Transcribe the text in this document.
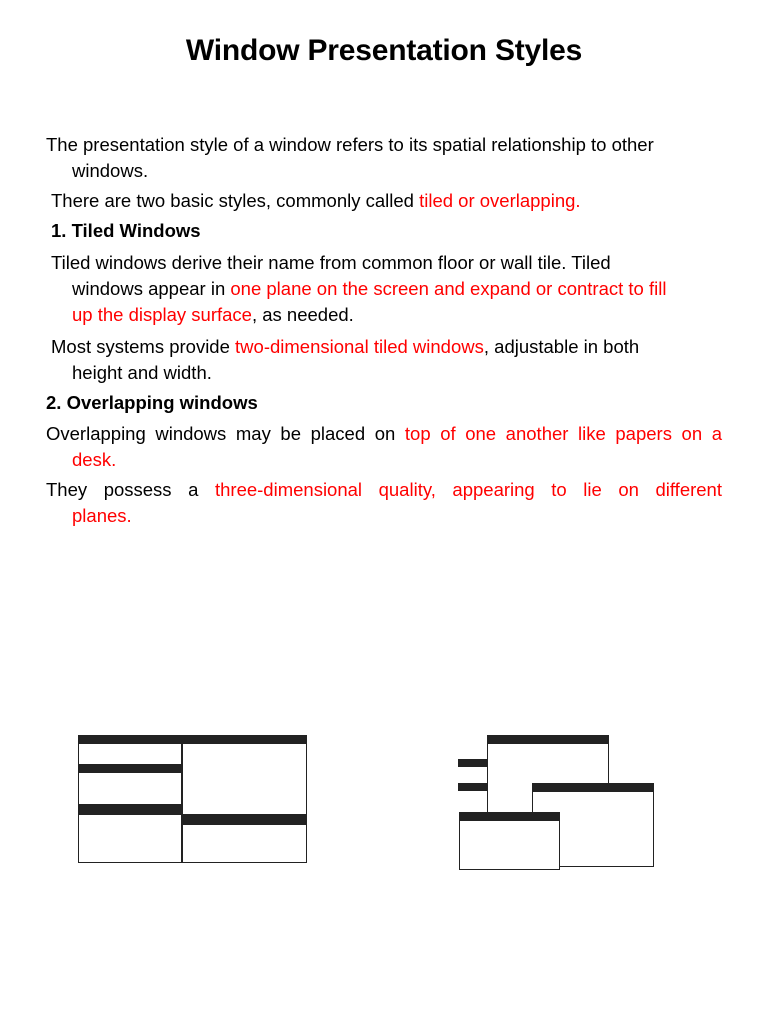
Window Presentation Styles

The presentation style of a window refers to its spatial relationship to other
windows.

There are two basic styles, commonly called tiled or overlapping.

1. Tiled Windows

Tiled windows derive their name from common floor or wall tile. Tiled
windows appear in one plane on the screen and expand or contract to fill
up the display surface, as needed.

Most systems provide two-dimensional tiled windows, adjustable in both
height and width.

2. Overlapping windows

Overlapping windows may be placed on top of one another like papers on a
desk.

They possess a three-dimensional quality, appearing to lie on different
planes.
